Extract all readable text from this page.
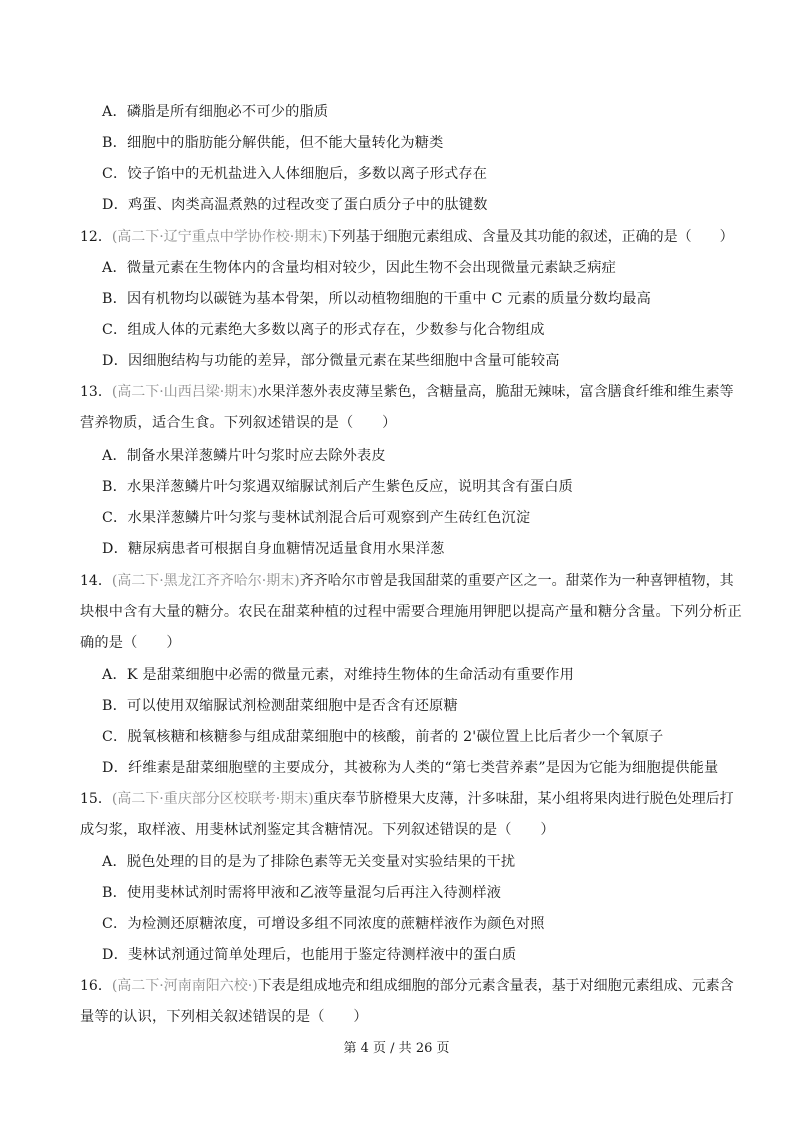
A．磷脂是所有细胞必不可少的脂质
B．细胞中的脂肪能分解供能，但不能大量转化为糖类
C．饺子馅中的无机盐进入人体细胞后，多数以离子形式存在
D．鸡蛋、肉类高温煮熟的过程改变了蛋白质分子中的肽键数
12．(高二下·辽宁重点中学协作校·期末)下列基于细胞元素组成、含量及其功能的叙述，正确的是（　　）
A．微量元素在生物体内的含量均相对较少，因此生物不会出现微量元素缺乏病症
B．因有机物均以碳链为基本骨架，所以动植物细胞的干重中 C 元素的质量分数均最高
C．组成人体的元素绝大多数以离子的形式存在，少数参与化合物组成
D．因细胞结构与功能的差异，部分微量元素在某些细胞中含量可能较高
13．(高二下·山西吕梁·期末)水果洋葱外表皮薄呈紫色，含糖量高，脆甜无辣味，富含膳食纤维和维生素等
营养物质，适合生食。下列叙述错误的是（　　）
A．制备水果洋葱鳞片叶匀浆时应去除外表皮
B．水果洋葱鳞片叶匀浆遇双缩脲试剂后产生紫色反应，说明其含有蛋白质
C．水果洋葱鳞片叶匀浆与斐林试剂混合后可观察到产生砖红色沉淀
D．糖尿病患者可根据自身血糖情况适量食用水果洋葱
14．(高二下·黑龙江齐齐哈尔·期末)齐齐哈尔市曾是我国甜菜的重要产区之一。甜菜作为一种喜钾植物，其
块根中含有大量的糖分。农民在甜菜种植的过程中需要合理施用钾肥以提高产量和糖分含量。下列分析正
确的是（　　）
A．K 是甜菜细胞中必需的微量元素，对维持生物体的生命活动有重要作用
B．可以使用双缩脲试剂检测甜菜细胞中是否含有还原糖
C．脱氧核糖和核糖参与组成甜菜细胞中的核酸，前者的 2'碳位置上比后者少一个氧原子
D．纤维素是甜菜细胞壁的主要成分，其被称为人类的“第七类营养素”是因为它能为细胞提供能量
15．(高二下·重庆部分区校联考·期末)重庆奉节脐橙果大皮薄，汁多味甜，某小组将果肉进行脱色处理后打
成匀浆，取样液、用斐林试剂鉴定其含糖情况。下列叙述错误的是（　　）
A．脱色处理的目的是为了排除色素等无关变量对实验结果的干扰
B．使用斐林试剂时需将甲液和乙液等量混匀后再注入待测样液
C．为检测还原糖浓度，可增设多组不同浓度的蔗糖样液作为颜色对照
D．斐林试剂通过简单处理后，也能用于鉴定待测样液中的蛋白质
16．(高二下·河南南阳六校·)下表是组成地壳和组成细胞的部分元素含量表，基于对细胞元素组成、元素含
量等的认识，下列相关叙述错误的是（　　）
第 4 页 / 共 26 页
